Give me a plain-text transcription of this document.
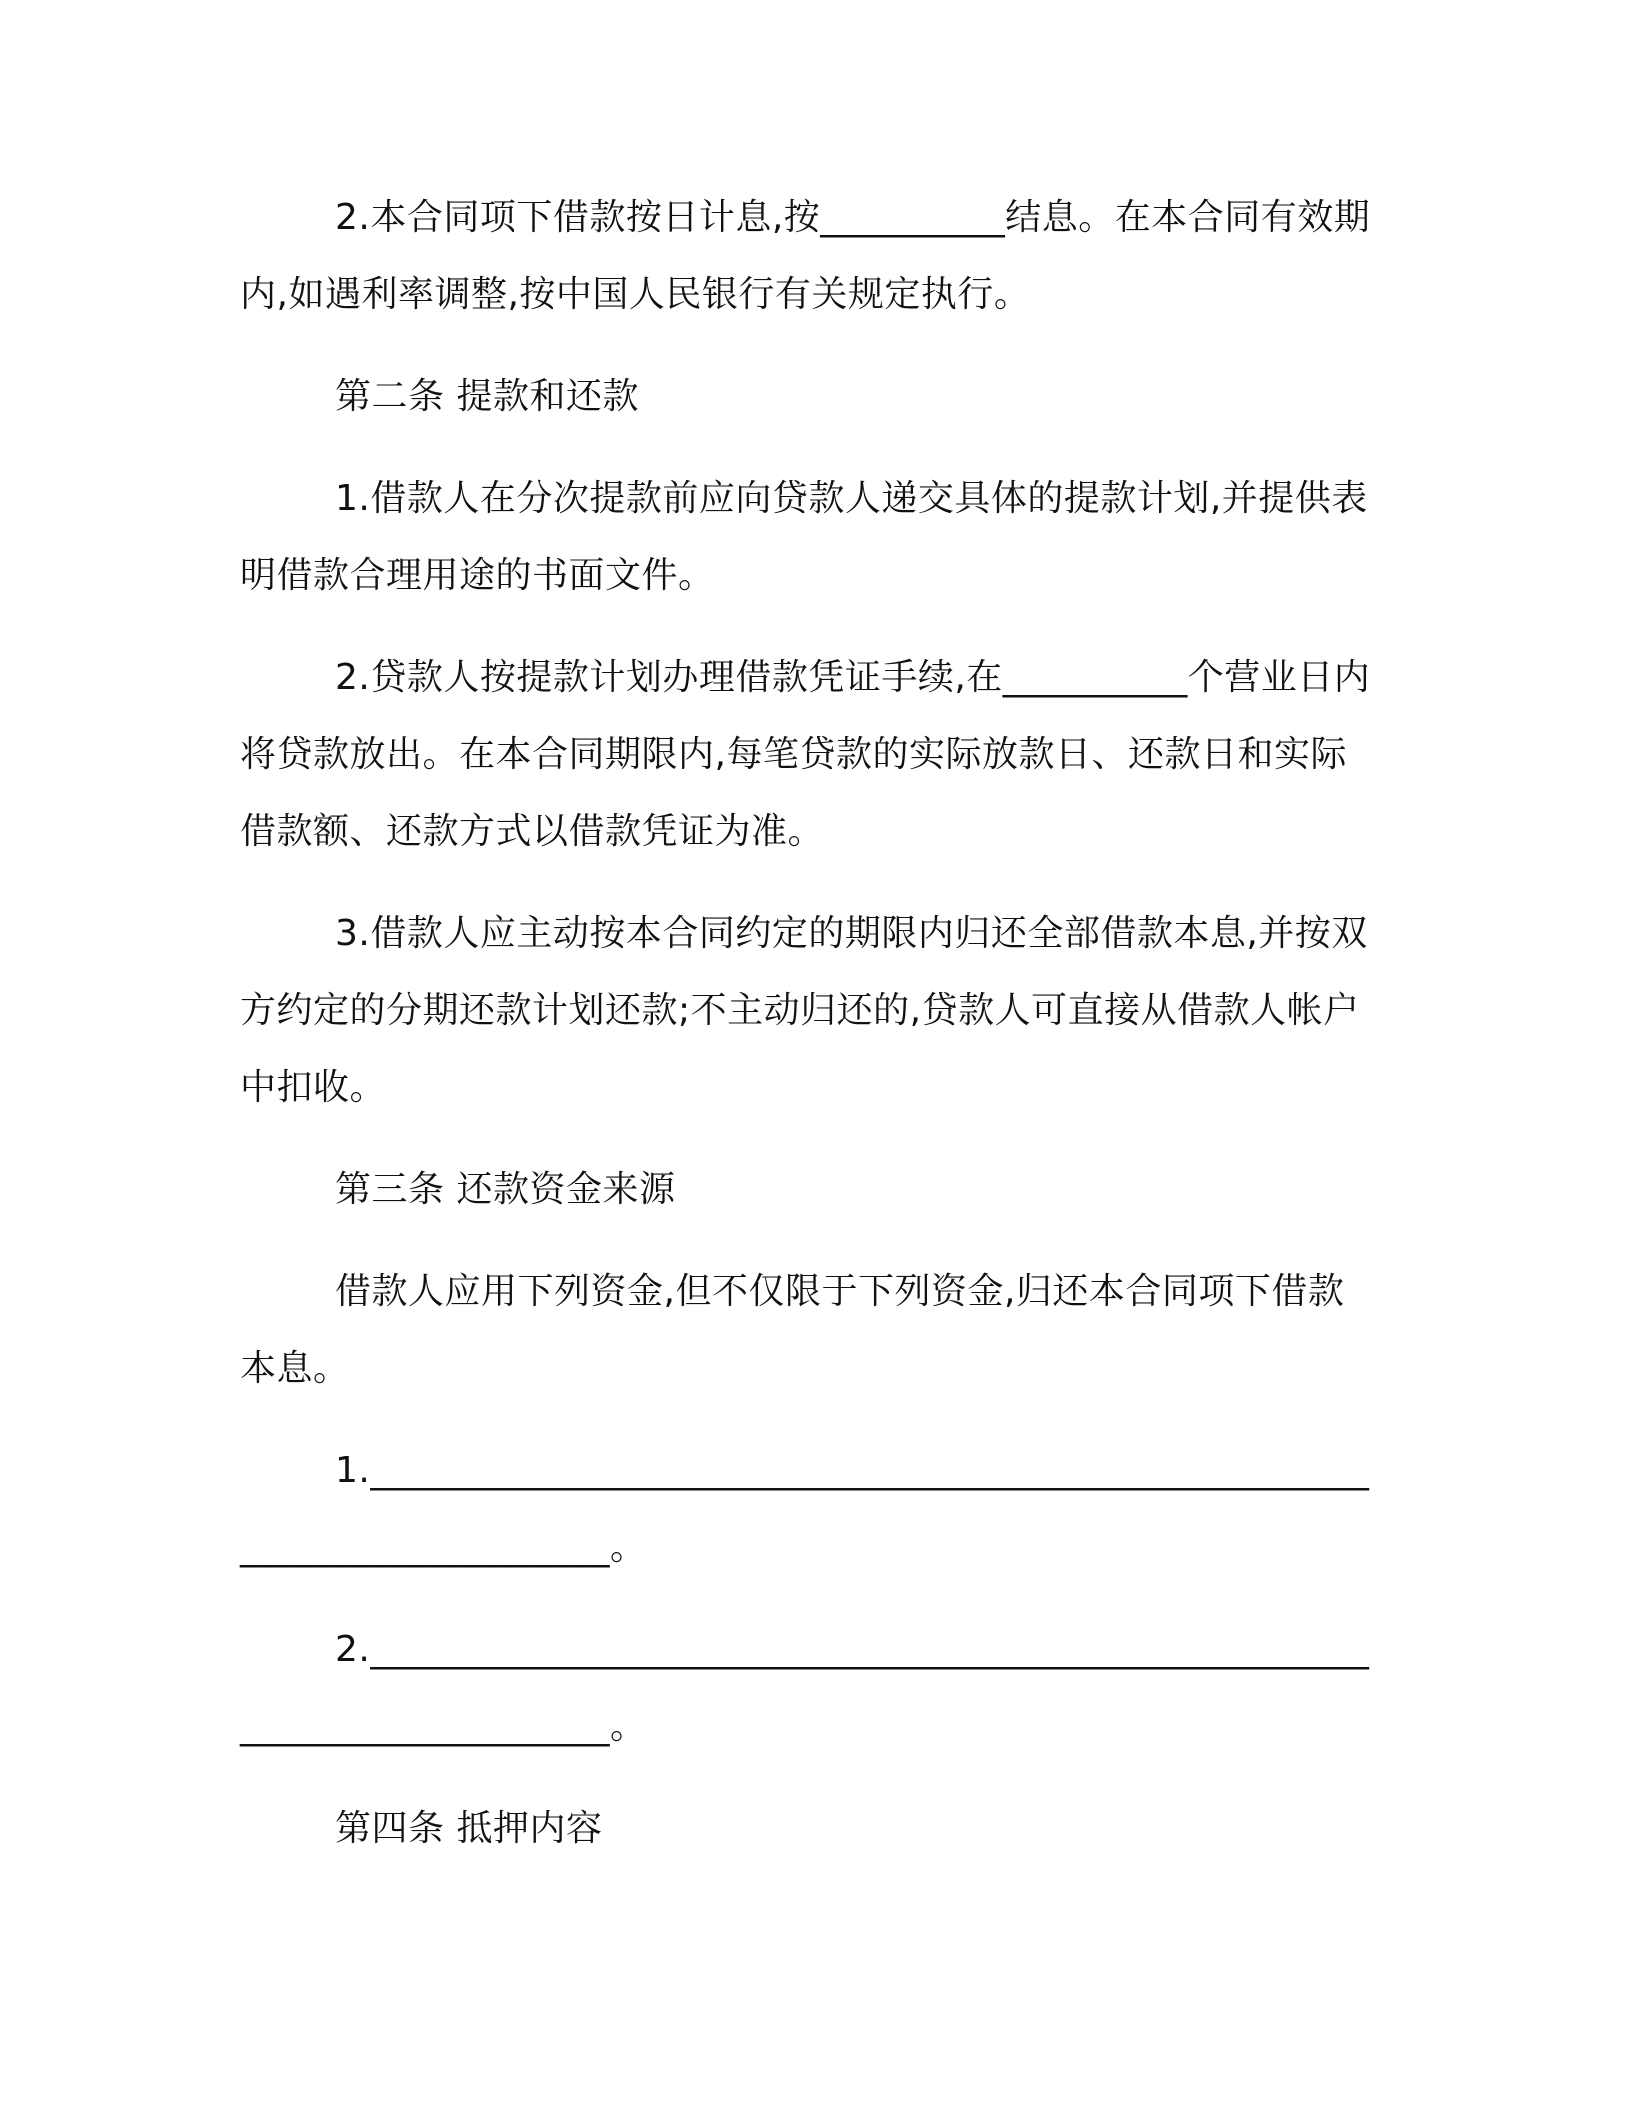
2.本合同项下借款按日计息,按__________结息。在本合同有效期
内,如遇利率调整,按中国人民银行有关规定执行。
第二条 提款和还款
1.借款人在分次提款前应向贷款人递交具体的提款计划,并提供表
明借款合理用途的书面文件。
2.贷款人按提款计划办理借款凭证手续,在__________个营业日内
将贷款放出。在本合同期限内,每笔贷款的实际放款日、还款日和实际
借款额、还款方式以借款凭证为准。
3.借款人应主动按本合同约定的期限内归还全部借款本息,并按双
方约定的分期还款计划还款;不主动归还的,贷款人可直接从借款人帐户
中扣收。
第三条 还款资金来源
借款人应用下列资金,但不仅限于下列资金,归还本合同项下借款
本息。
1.______________________________________________________
____________________。
2.______________________________________________________
____________________。
第四条 抵押内容
